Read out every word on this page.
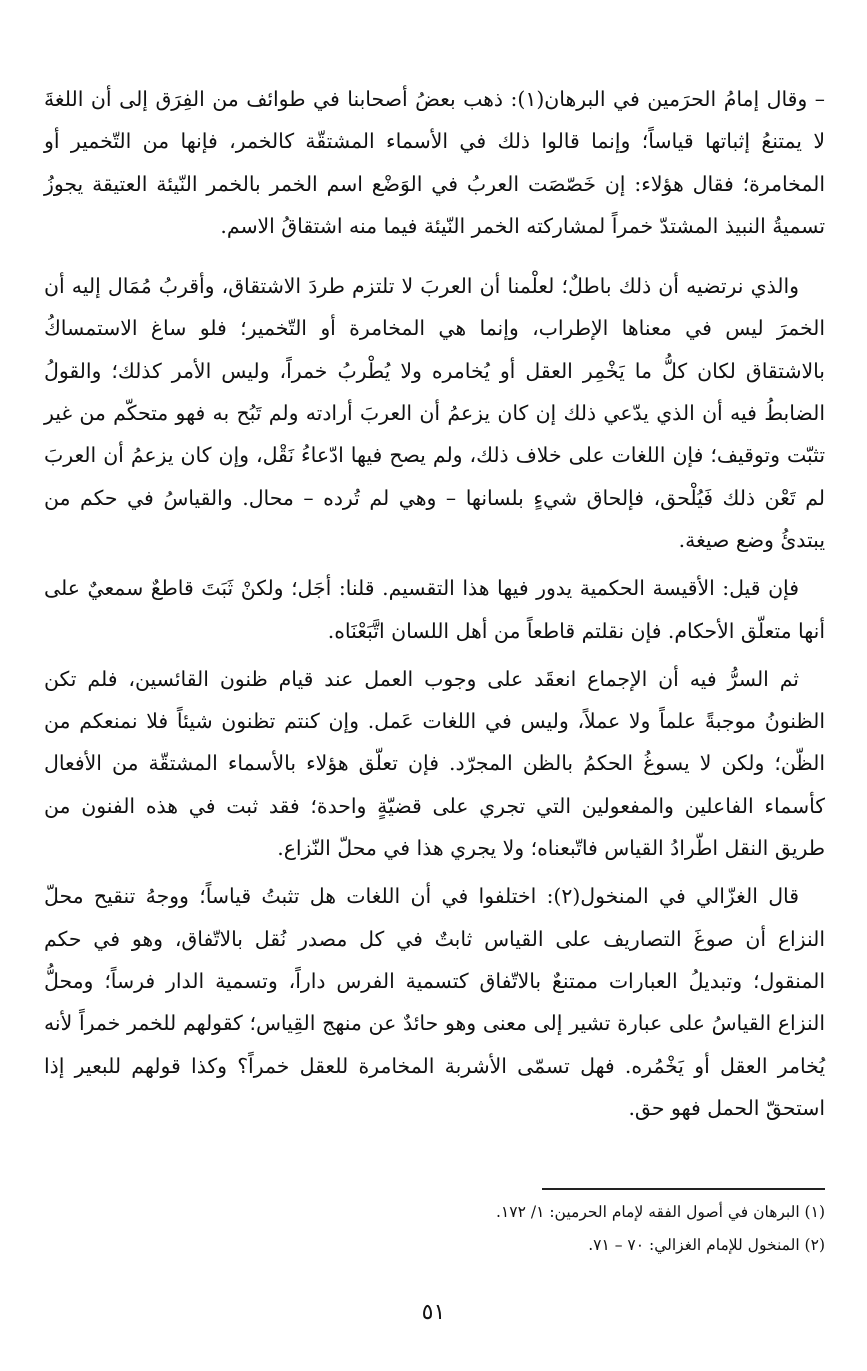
– وقال إمامُ الحرَمين في البرهان(١): ذهب بعضُ أصحابنا في طوائف من الفِرَق إلى أن اللغةَ لا يمتنعُ إثباتها قياساً؛ وإنما قالوا ذلك في الأسماء المشتقّة كالخمر، فإنها من التّخمير أو المخامرة؛ فقال هؤلاء: إن خَصّصَت العربُ في الوَضْع اسم الخمر بالخمر النّيئة العتيقة يجوزُ تسميةُ النبيذ المشتدّ خمراً لمشاركته الخمر النّيئة فيما منه اشتقاقُ الاسم.

والذي نرتضيه أن ذلك باطلٌ؛ لعلْمنا أن العربَ لا تلتزم طردَ الاشتقاق، وأقربُ مُمَال إليه أن الخمرَ ليس في معناها الإطراب، وإنما هي المخامرة أو التّخمير؛ فلو ساغ الاستمساكُ بالاشتقاق لكان كلُّ ما يَخْمِر العقل أو يُخامره ولا يُطْربُ خمراً، وليس الأمر كذلك؛ والقولُ الضابطُ فيه أن الذي يدّعي ذلك إن كان يزعمُ أن العربَ أرادته ولم تَبُح به فهو متحكّم من غير تثبّت وتوقيف؛ فإن اللغات على خلاف ذلك، ولم يصح فيها ادّعاءُ نَقْل، وإن كان يزعمُ أن العربَ لم تَعْن ذلك فَيُلْحق، فإلحاق شيءٍ بلسانها – وهي لم تُرده – محال. والقياسُ في حكم من يبتدئُ وضع صيغة.

فإن قيل: الأقيسة الحكمية يدور فيها هذا التقسيم. قلنا: أجَل؛ ولكنْ ثَبَتَ قاطعٌ سمعيٌ على أنها متعلّق الأحكام. فإن نقلتم قاطعاً من أهل اللسان اتَّبَعْنَاه.

ثم السرُّ فيه أن الإجماع انعقَد على وجوب العمل عند قيام ظنون القائسين، فلم تكن الظنونُ موجبةً علماً ولا عملاً، وليس في اللغات عَمل. وإن كنتم تظنون شيئاً فلا نمنعكم من الظّن؛ ولكن لا يسوغُ الحكمُ بالظن المجرّد. فإن تعلّق هؤلاء بالأسماء المشتقّة من الأفعال كأسماء الفاعلين والمفعولين التي تجري على قضيّةٍ واحدة؛ فقد ثبت في هذه الفنون من طريق النقل اطّرادُ القياس فاتّبعناه؛ ولا يجري هذا في محلّ النّزاع.

قال الغزّالي في المنخول(٢): اختلفوا في أن اللغات هل تثبتُ قياساً؛ ووجهُ تنقيح محلّ النزاع أن صوغَ التصاريف على القياس ثابتٌ في كل مصدر نُقل بالاتّفاق، وهو في حكم المنقول؛ وتبديلُ العبارات ممتنعٌ بالاتّفاق كتسمية الفرس داراً، وتسمية الدار فرساً؛ ومحلُّ النزاع القياسُ على عبارة تشير إلى معنى وهو حائدٌ عن منهج القِياس؛ كقولهم للخمر خمراً لأنه يُخامر العقل أو يَخْمُره. فهل تسمّى الأشربة المخامرة للعقل خمراً؟ وكذا قولهم للبعير إذا استحقّ الحمل فهو حق.

(١) البرهان في أصول الفقه لإمام الحرمين: ١/ ١٧٢.
(٢) المنخول للإمام الغزالي: ٧٠ – ٧١.
٥١
